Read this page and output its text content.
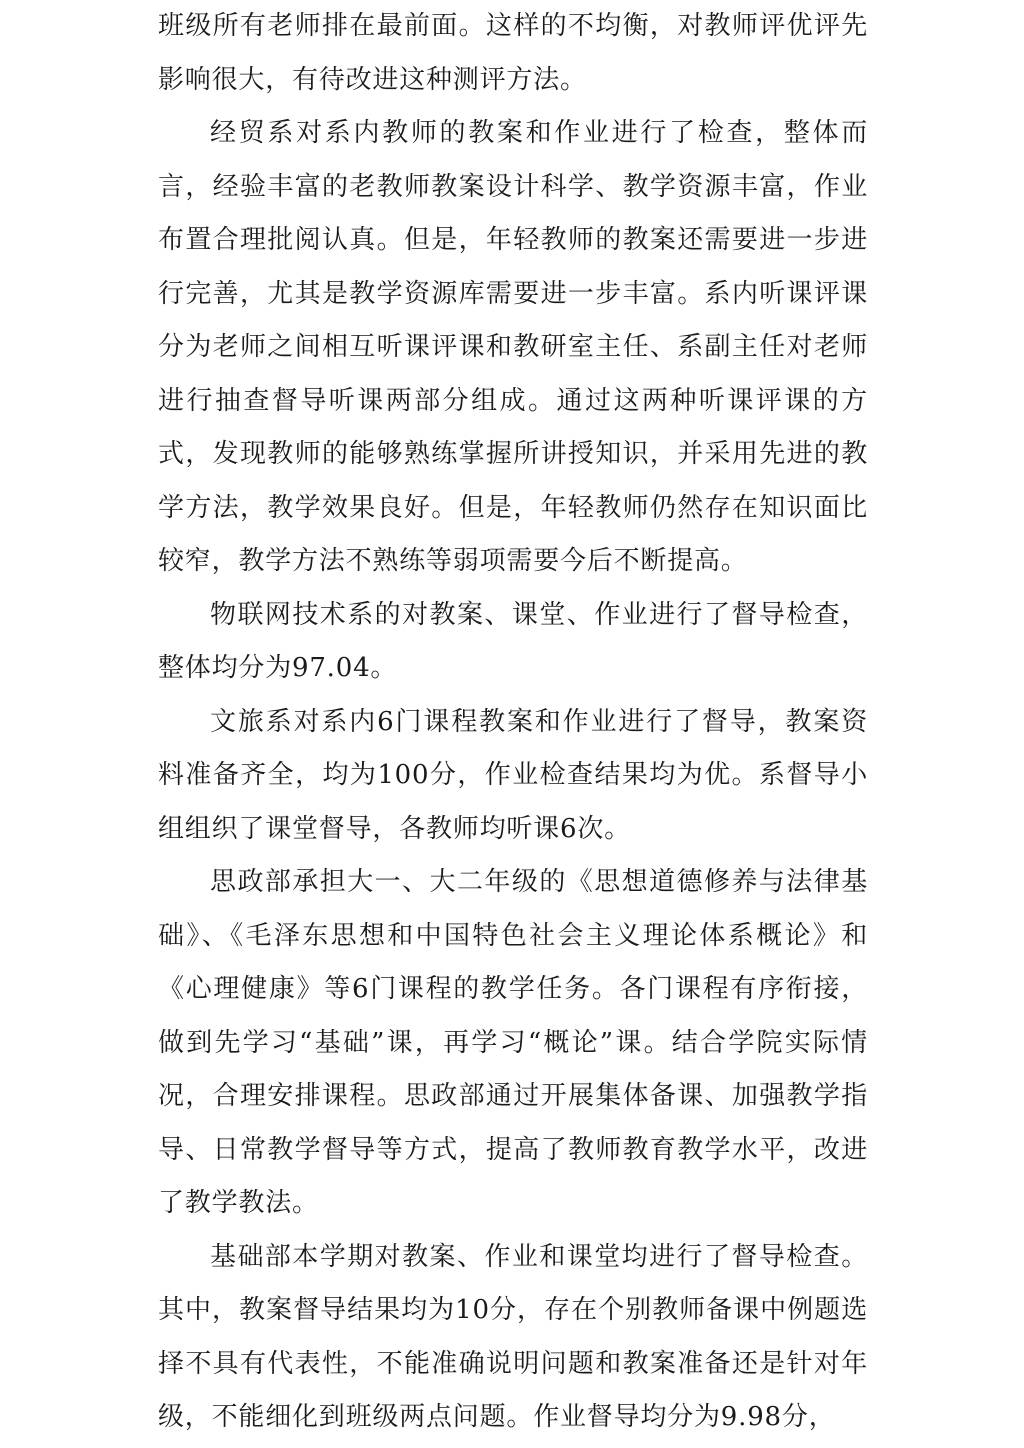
班级所有老师排在最前面。这样的不均衡，对教师评优评先影响很大，有待改进这种测评方法。

经贸系对系内教师的教案和作业进行了检查，整体而言，经验丰富的老教师教案设计科学、教学资源丰富，作业布置合理批阅认真。但是，年轻教师的教案还需要进一步进行完善，尤其是教学资源库需要进一步丰富。系内听课评课分为老师之间相互听课评课和教研室主任、系副主任对老师进行抽查督导听课两部分组成。通过这两种听课评课的方式，发现教师的能够熟练掌握所讲授知识，并采用先进的教学方法，教学效果良好。但是，年轻教师仍然存在知识面比较窄，教学方法不熟练等弱项需要今后不断提高。

物联网技术系的对教案、课堂、作业进行了督导检查，整体均分为97.04。

文旅系对系内6门课程教案和作业进行了督导，教案资料准备齐全，均为100分，作业检查结果均为优。系督导小组组织了课堂督导，各教师均听课6次。

思政部承担大一、大二年级的《思想道德修养与法律基础》、《毛泽东思想和中国特色社会主义理论体系概论》和《心理健康》等6门课程的教学任务。各门课程有序衔接，做到先学习“基础”课，再学习“概论”课。结合学院实际情况，合理安排课程。思政部通过开展集体备课、加强教学指导、日常教学督导等方式，提高了教师教育教学水平，改进了教学教法。

基础部本学期对教案、作业和课堂均进行了督导检查。其中，教案督导结果均为10分，存在个别教师备课中例题选择不具有代表性，不能准确说明问题和教案准备还是针对年级，不能细化到班级两点问题。作业督导均分为9.98分，
